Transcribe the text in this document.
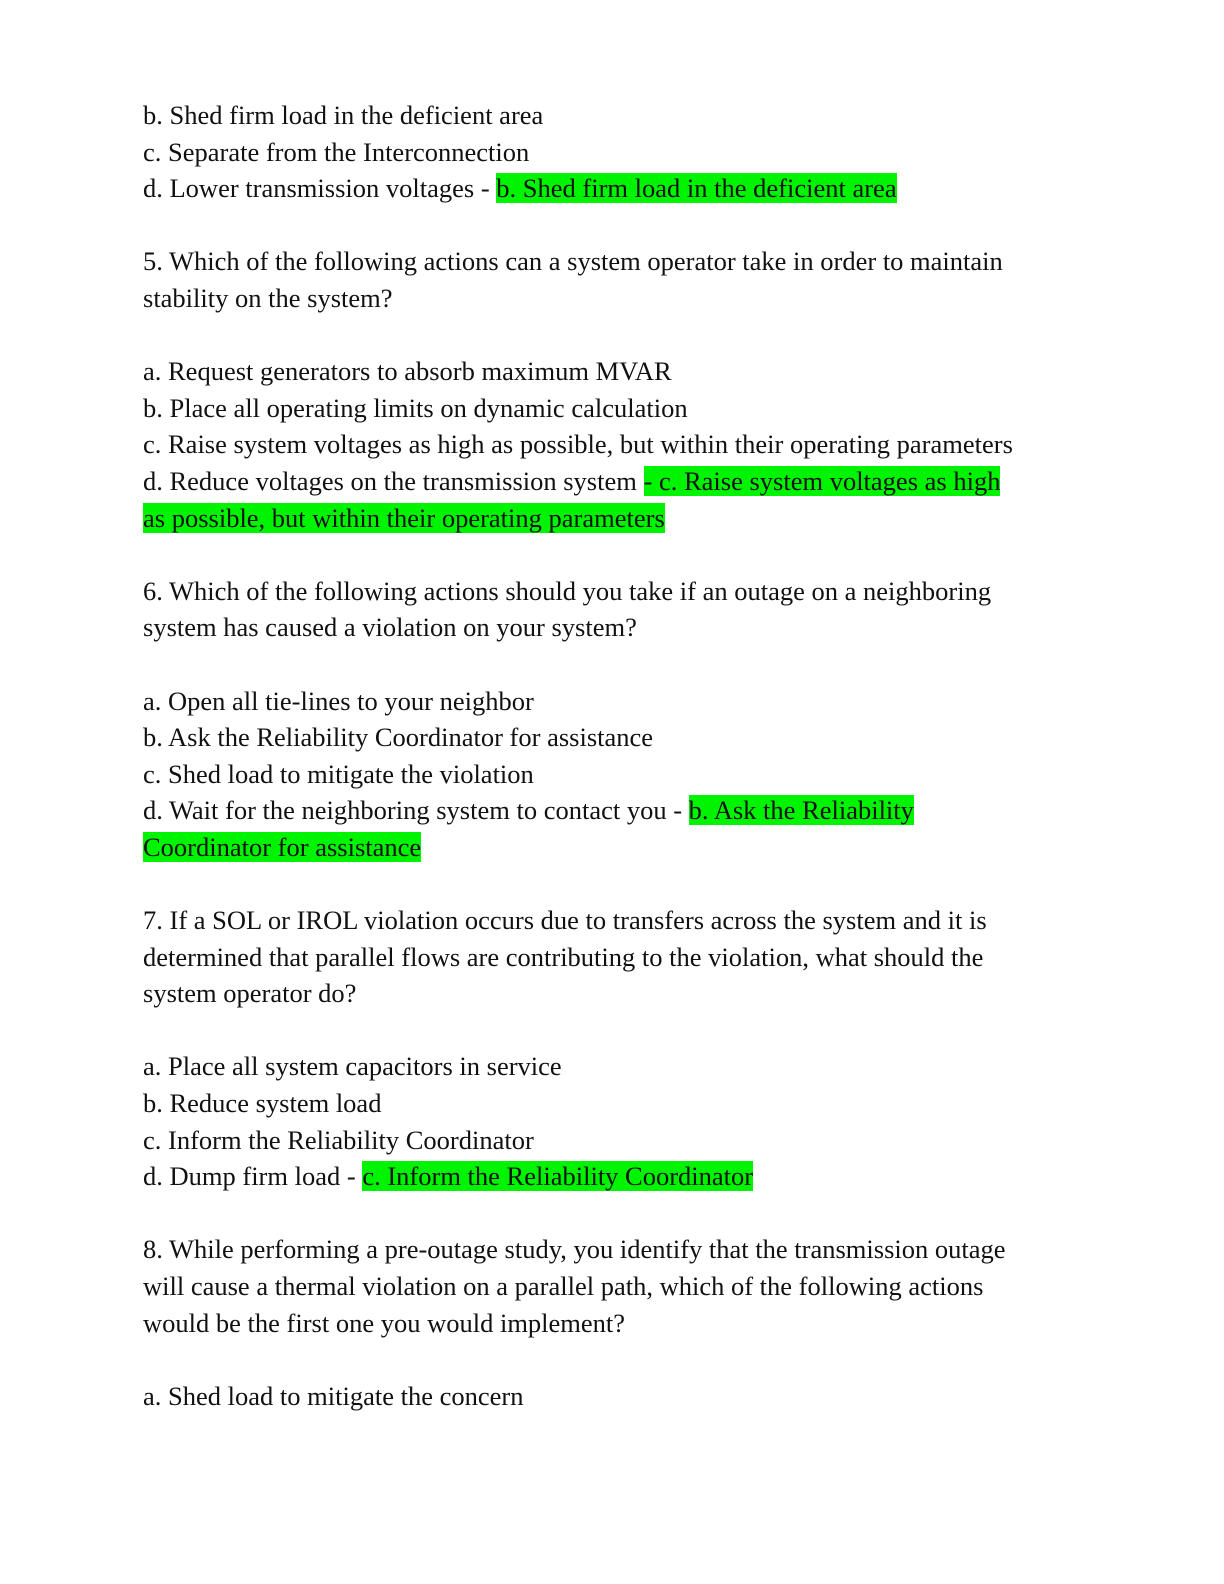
b. Shed firm load in the deficient area
c. Separate from the Interconnection
d. Lower transmission voltages - b. Shed firm load in the deficient area
5. Which of the following actions can a system operator take in order to maintain
stability on the system?
a. Request generators to absorb maximum MVAR
b. Place all operating limits on dynamic calculation
c. Raise system voltages as high as possible, but within their operating parameters
d. Reduce voltages on the transmission system - c. Raise system voltages as high
as possible, but within their operating parameters
6. Which of the following actions should you take if an outage on a neighboring
system has caused a violation on your system?
a. Open all tie-lines to your neighbor
b. Ask the Reliability Coordinator for assistance
c. Shed load to mitigate the violation
d. Wait for the neighboring system to contact you - b. Ask the Reliability
Coordinator for assistance
7. If a SOL or IROL violation occurs due to transfers across the system and it is
determined that parallel flows are contributing to the violation, what should the
system operator do?
a. Place all system capacitors in service
b. Reduce system load
c. Inform the Reliability Coordinator
d. Dump firm load - c. Inform the Reliability Coordinator
8. While performing a pre-outage study, you identify that the transmission outage
will cause a thermal violation on a parallel path, which of the following actions
would be the first one you would implement?
a. Shed load to mitigate the concern
